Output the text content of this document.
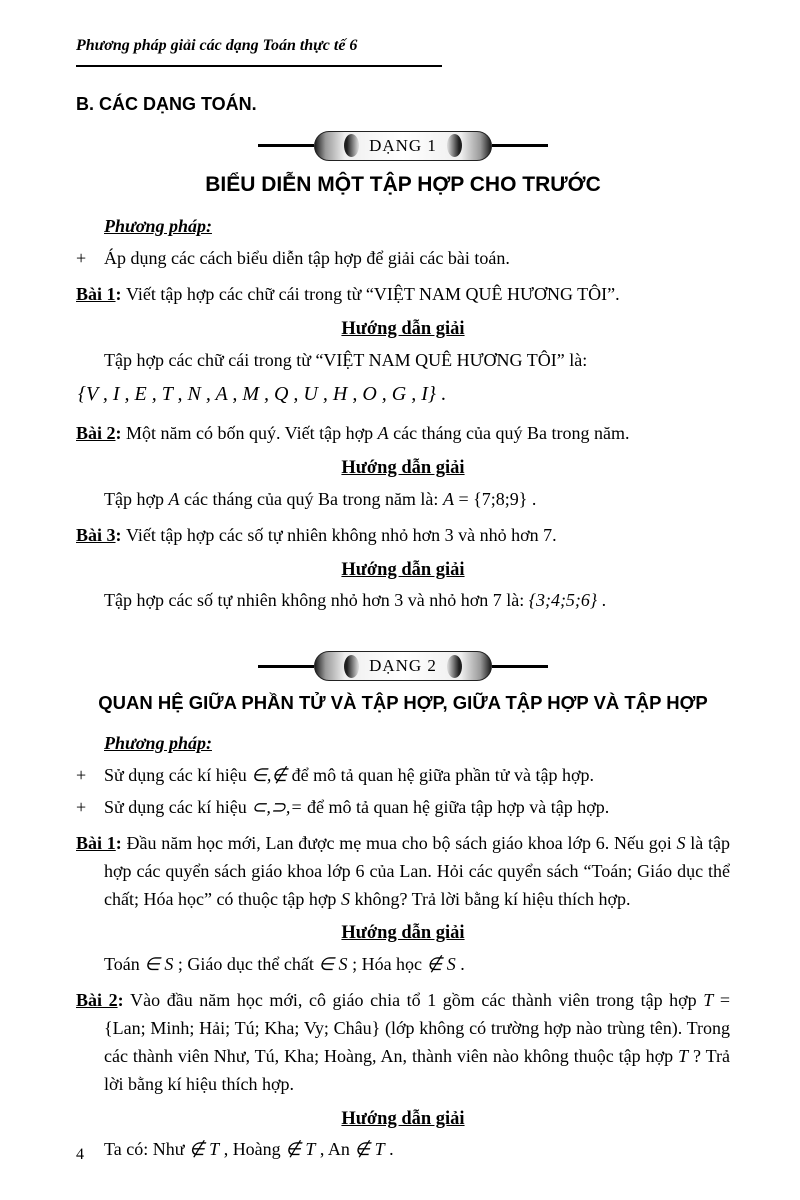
Phương pháp giải các dạng Toán thực tế 6
B. CÁC DẠNG TOÁN.
DẠNG 1
BIỂU DIỄN MỘT TẬP HỢP CHO TRƯỚC
Phương pháp:
+ Áp dụng các cách biểu diễn tập hợp để giải các bài toán.

Bài 1: Viết tập hợp các chữ cái trong từ “VIỆT NAM QUÊ HƯƠNG TÔI”.

Hướng dẫn giải

Tập hợp các chữ cái trong từ “VIỆT NAM QUÊ HƯƠNG TÔI” là:

{V , I , E , T , N , A , M , Q , U , H , O , G , I} .

Bài 2: Một năm có bốn quý. Viết tập hợp A các tháng của quý Ba trong năm.

Hướng dẫn giải

Tập hợp A các tháng của quý Ba trong năm là: A = {7;8;9} .

Bài 3: Viết tập hợp các số tự nhiên không nhỏ hơn 3 và nhỏ hơn 7.

Hướng dẫn giải

Tập hợp các số tự nhiên không nhỏ hơn 3 và nhỏ hơn 7 là: {3;4;5;6} .

DẠNG 2
QUAN HỆ GIỮA PHẦN TỬ VÀ TẬP HỢP, GIỮA TẬP HỢP VÀ TẬP HỢP
Phương pháp:
+ Sử dụng các kí hiệu ∈,∉ để mô tả quan hệ giữa phần tử và tập hợp.
+ Sử dụng các kí hiệu ⊂,⊃,= để mô tả quan hệ giữa tập hợp và tập hợp.

Bài 1: Đầu năm học mới, Lan được mẹ mua cho bộ sách giáo khoa lớp 6. Nếu gọi S là tập hợp các quyển sách giáo khoa lớp 6 của Lan. Hỏi các quyển sách “Toán; Giáo dục thể chất; Hóa học” có thuộc tập hợp S không? Trả lời bằng kí hiệu thích hợp.

Hướng dẫn giải

Toán ∈ S ; Giáo dục thể chất ∈ S ; Hóa học ∉ S .

Bài 2: Vào đầu năm học mới, cô giáo chia tổ 1 gồm các thành viên trong tập hợp T = {Lan; Minh; Hải; Tú; Kha; Vy; Châu} (lớp không có trường hợp nào trùng tên). Trong các thành viên Như, Tú, Kha; Hoàng, An, thành viên nào không thuộc tập hợp T ? Trả lời bằng kí hiệu thích hợp.

Hướng dẫn giải

Ta có: Như ∉ T , Hoàng ∉ T , An ∉ T .

4
